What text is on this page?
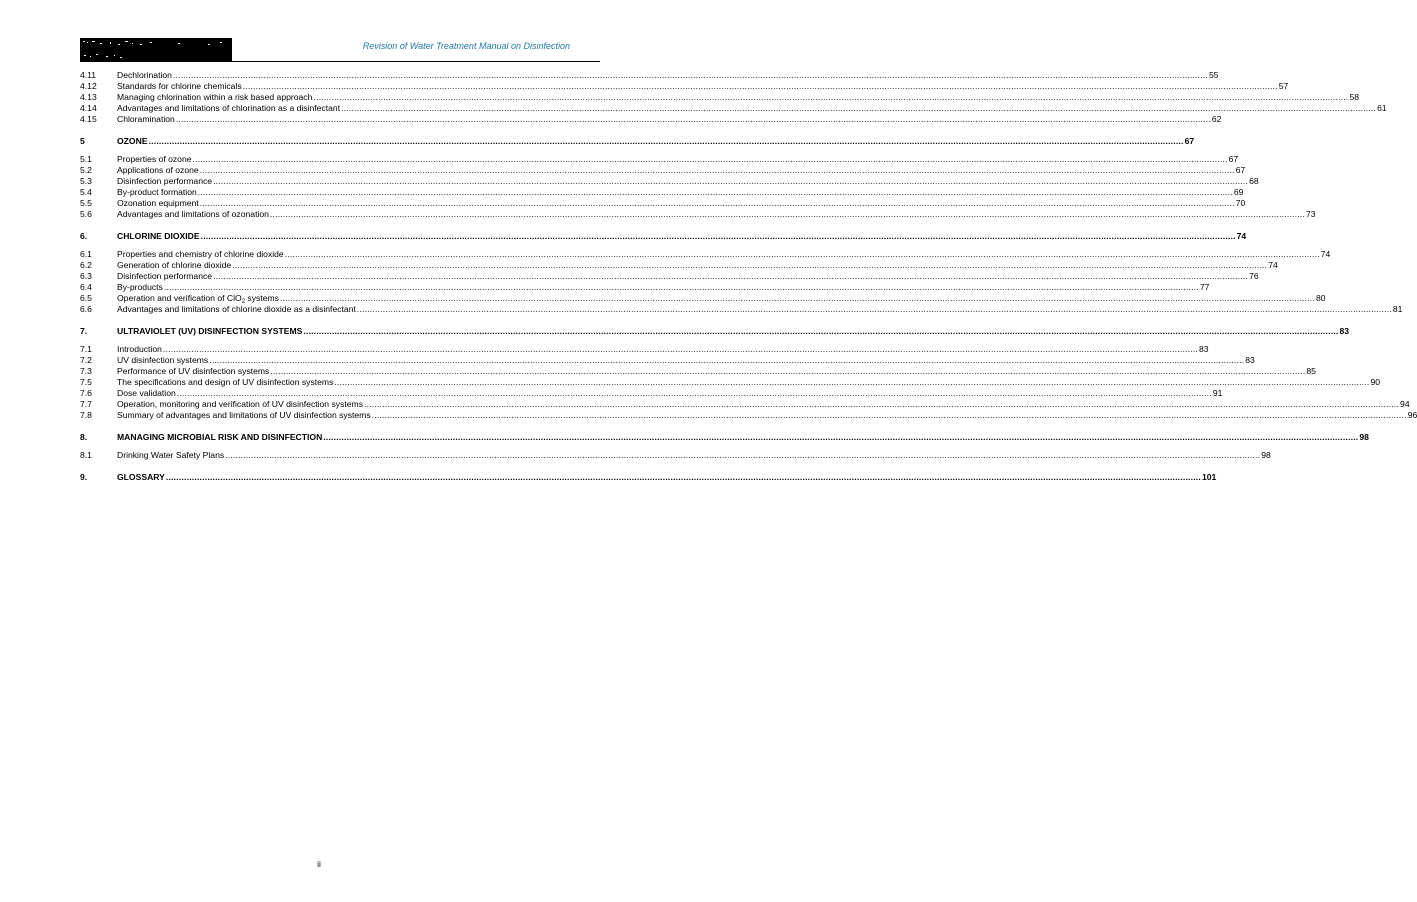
Revision of Water Treatment Manual on Disinfection
4.11	Dechlorination ................................................................................................................................................................................................................................................................................................................................................................................................................ 55
4.12	Standards for chlorine chemicals ................................................................................................................................................................................................................................................................................................................................................................................................................ 57
4.13	Managing chlorination within a risk based approach ................................................................................................................................................................................................................................................................................................................................................................................................................ 58
4.14	Advantages and limitations of chlorination as a disinfectant ................................................................................................................................................................................................................................................................................................................................................................................................................ 61
4.15	Chloramination ................................................................................................................................................................................................................................................................................................................................................................................................................ 62
5	OZONE ................................................................................................................................................................................................................................................................................................................................................................................................................ 67
5.1	Properties of ozone ................................................................................................................................................................................................................................................................................................................................................................................................................ 67
5.2	Applications of ozone ................................................................................................................................................................................................................................................................................................................................................................................................................ 67
5.3	Disinfection performance ................................................................................................................................................................................................................................................................................................................................................................................................................ 68
5.4	By-product formation ................................................................................................................................................................................................................................................................................................................................................................................................................ 69
5.5	Ozonation equipment ................................................................................................................................................................................................................................................................................................................................................................................................................ 70
5.6	Advantages and limitations of ozonation ................................................................................................................................................................................................................................................................................................................................................................................................................ 73
6.	CHLORINE DIOXIDE ................................................................................................................................................................................................................................................................................................................................................................................................................ 74
6.1	Properties and chemistry of chlorine dioxide ................................................................................................................................................................................................................................................................................................................................................................................................................ 74
6.2	Generation of chlorine dioxide ................................................................................................................................................................................................................................................................................................................................................................................................................ 74
6.3	Disinfection performance ................................................................................................................................................................................................................................................................................................................................................................................................................ 76
6.4	By-products ................................................................................................................................................................................................................................................................................................................................................................................................................ 77
6.5	Operation and verification of ClO$_2$ systems ................................................................................................................................................................................................................................................................................................................................................................................................................ 80
6.6	Advantages and limitations of chlorine dioxide as a disinfectant ................................................................................................................................................................................................................................................................................................................................................................................................................ 81
7.	ULTRAVIOLET (UV) DISINFECTION SYSTEMS ................................................................................................................................................................................................................................................................................................................................................................................................................ 83
7.1	Introduction ................................................................................................................................................................................................................................................................................................................................................................................................................ 83
7.2	UV disinfection systems ................................................................................................................................................................................................................................................................................................................................................................................................................ 83
7.3	Performance of UV disinfection systems ................................................................................................................................................................................................................................................................................................................................................................................................................ 85
7.5	The specifications and design of UV disinfection systems ................................................................................................................................................................................................................................................................................................................................................................................................................ 90
7.6	Dose validation ................................................................................................................................................................................................................................................................................................................................................................................................................ 91
7.7	Operation, monitoring and verification of UV disinfection systems ................................................................................................................................................................................................................................................................................................................................................................................................................ 94
7.8	Summary of advantages and limitations of UV disinfection systems ................................................................................................................................................................................................................................................................................................................................................................................................................ 96
8.	MANAGING MICROBIAL RISK AND DISINFECTION ................................................................................................................................................................................................................................................................................................................................................................................................................ 98
8.1	Drinking Water Safety Plans ................................................................................................................................................................................................................................................................................................................................................................................................................ 98
9.	GLOSSARY ................................................................................................................................................................................................................................................................................................................................................................................................................ 101
ii
